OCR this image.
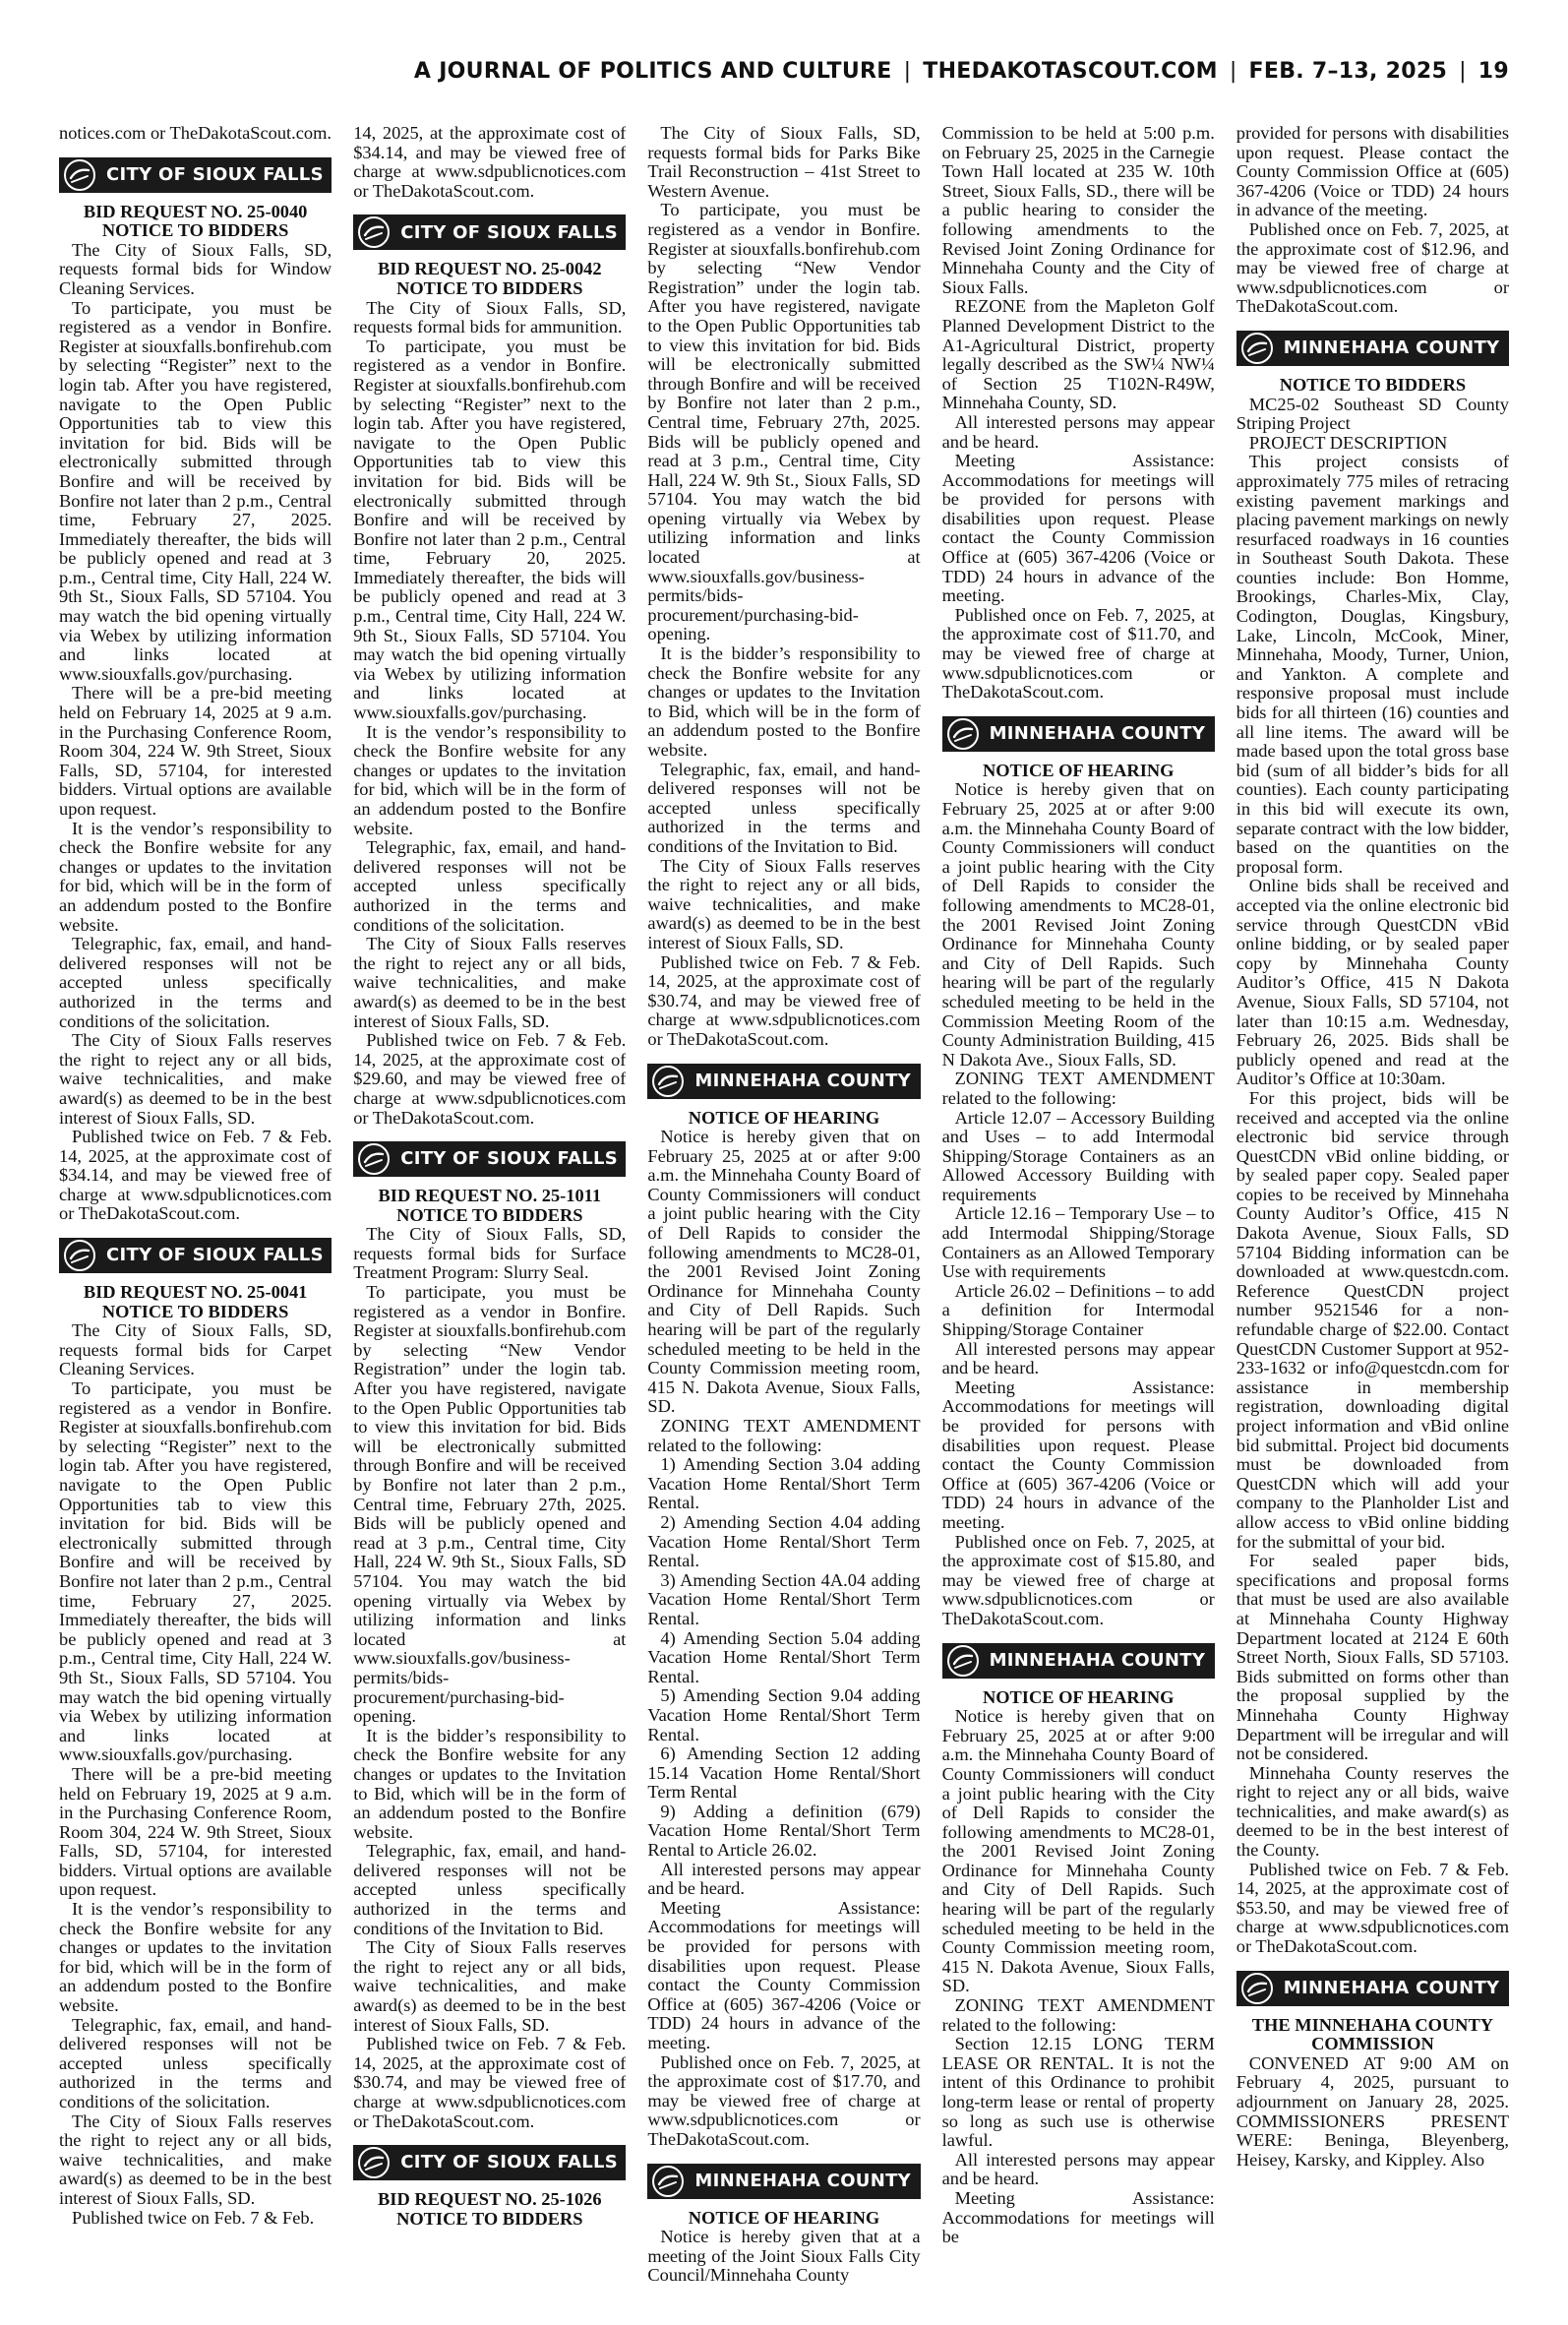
A JOURNAL OF POLITICS AND CULTURE | THEDAKOTASCOUT.COM | FEB. 7–13, 2025 | 19

notices.com or TheDakotaScout.com.

CITY OF SIOUX FALLS

BID REQUEST NO. 25-0040

NOTICE TO BIDDERS

The City of Sioux Falls, SD, requests formal bids for Window Cleaning Services.

To participate, you must be registered as a vendor in Bonfire. Register at siouxfalls.bonfirehub.com by selecting “Register” next to the login tab. After you have registered, navigate to the Open Public Opportunities tab to view this invitation for bid. Bids will be electronically submitted through Bonfire and will be received by Bonfire not later than 2 p.m., Central time, February 27, 2025. Immediately thereafter, the bids will be publicly opened and read at 3 p.m., Central time, City Hall, 224 W. 9th St., Sioux Falls, SD 57104. You may watch the bid opening virtually via Webex by utilizing information and links located at www.siouxfalls.gov/purchasing.

There will be a pre-bid meeting held on February 14, 2025 at 9 a.m. in the Purchasing Conference Room, Room 304, 224 W. 9th Street, Sioux Falls, SD, 57104, for interested bidders. Virtual options are available upon request.

It is the vendor’s responsibility to check the Bonfire website for any changes or updates to the invitation for bid, which will be in the form of an addendum posted to the Bonfire website.

Telegraphic, fax, email, and hand-delivered responses will not be accepted unless specifically authorized in the terms and conditions of the solicitation.

The City of Sioux Falls reserves the right to reject any or all bids, waive technicalities, and make award(s) as deemed to be in the best interest of Sioux Falls, SD.

Published twice on Feb. 7 & Feb. 14, 2025, at the approximate cost of $34.14, and may be viewed free of charge at www.sdpublicnotices.com or TheDakotaScout.com.

CITY OF SIOUX FALLS

BID REQUEST NO. 25-0041

NOTICE TO BIDDERS

The City of Sioux Falls, SD, requests formal bids for Carpet Cleaning Services.

To participate, you must be registered as a vendor in Bonfire. Register at siouxfalls.bonfirehub.com by selecting “Register” next to the login tab. After you have registered, navigate to the Open Public Opportunities tab to view this invitation for bid. Bids will be electronically submitted through Bonfire and will be received by Bonfire not later than 2 p.m., Central time, February 27, 2025. Immediately thereafter, the bids will be publicly opened and read at 3 p.m., Central time, City Hall, 224 W. 9th St., Sioux Falls, SD 57104. You may watch the bid opening virtually via Webex by utilizing information and links located at www.siouxfalls.gov/purchasing.

There will be a pre-bid meeting held on February 19, 2025 at 9 a.m. in the Purchasing Conference Room, Room 304, 224 W. 9th Street, Sioux Falls, SD, 57104, for interested bidders. Virtual options are available upon request.

It is the vendor’s responsibility to check the Bonfire website for any changes or updates to the invitation for bid, which will be in the form of an addendum posted to the Bonfire website.

Telegraphic, fax, email, and hand-delivered responses will not be accepted unless specifically authorized in the terms and conditions of the solicitation.

The City of Sioux Falls reserves the right to reject any or all bids, waive technicalities, and make award(s) as deemed to be in the best interest of Sioux Falls, SD.

Published twice on Feb. 7 & Feb.

14, 2025, at the approximate cost of $34.14, and may be viewed free of charge at www.sdpublicnotices.com or TheDakotaScout.com.

CITY OF SIOUX FALLS

BID REQUEST NO. 25-0042

NOTICE TO BIDDERS

The City of Sioux Falls, SD, requests formal bids for ammunition.

To participate, you must be registered as a vendor in Bonfire. Register at siouxfalls.bonfirehub.com by selecting “Register” next to the login tab. After you have registered, navigate to the Open Public Opportunities tab to view this invitation for bid. Bids will be electronically submitted through Bonfire and will be received by Bonfire not later than 2 p.m., Central time, February 20, 2025. Immediately thereafter, the bids will be publicly opened and read at 3 p.m., Central time, City Hall, 224 W. 9th St., Sioux Falls, SD 57104. You may watch the bid opening virtually via Webex by utilizing information and links located at www.siouxfalls.gov/purchasing.

It is the vendor’s responsibility to check the Bonfire website for any changes or updates to the invitation for bid, which will be in the form of an addendum posted to the Bonfire website.

Telegraphic, fax, email, and hand-delivered responses will not be accepted unless specifically authorized in the terms and conditions of the solicitation.

The City of Sioux Falls reserves the right to reject any or all bids, waive technicalities, and make award(s) as deemed to be in the best interest of Sioux Falls, SD.

Published twice on Feb. 7 & Feb. 14, 2025, at the approximate cost of $29.60, and may be viewed free of charge at www.sdpublicnotices.com or TheDakotaScout.com.

CITY OF SIOUX FALLS

BID REQUEST NO. 25-1011

NOTICE TO BIDDERS

The City of Sioux Falls, SD, requests formal bids for Surface Treatment Program: Slurry Seal.

To participate, you must be registered as a vendor in Bonfire. Register at siouxfalls.bonfirehub.com by selecting “New Vendor Registration” under the login tab. After you have registered, navigate to the Open Public Opportunities tab to view this invitation for bid. Bids will be electronically submitted through Bonfire and will be received by Bonfire not later than 2 p.m., Central time, February 27th, 2025. Bids will be publicly opened and read at 3 p.m., Central time, City Hall, 224 W. 9th St., Sioux Falls, SD 57104. You may watch the bid opening virtually via Webex by utilizing information and links located at www.siouxfalls.gov/business-permits/bids-procurement/purchasing-bid-opening.

It is the bidder’s responsibility to check the Bonfire website for any changes or updates to the Invitation to Bid, which will be in the form of an addendum posted to the Bonfire website.

Telegraphic, fax, email, and hand-delivered responses will not be accepted unless specifically authorized in the terms and conditions of the Invitation to Bid.

The City of Sioux Falls reserves the right to reject any or all bids, waive technicalities, and make award(s) as deemed to be in the best interest of Sioux Falls, SD.

Published twice on Feb. 7 & Feb. 14, 2025, at the approximate cost of $30.74, and may be viewed free of charge at www.sdpublicnotices.com or TheDakotaScout.com.

CITY OF SIOUX FALLS

BID REQUEST NO. 25-1026

NOTICE TO BIDDERS

The City of Sioux Falls, SD, requests formal bids for Parks Bike Trail Reconstruction – 41st Street to Western Avenue.

To participate, you must be registered as a vendor in Bonfire. Register at siouxfalls.bonfirehub.com by selecting “New Vendor Registration” under the login tab. After you have registered, navigate to the Open Public Opportunities tab to view this invitation for bid. Bids will be electronically submitted through Bonfire and will be received by Bonfire not later than 2 p.m., Central time, February 27th, 2025. Bids will be publicly opened and read at 3 p.m., Central time, City Hall, 224 W. 9th St., Sioux Falls, SD 57104. You may watch the bid opening virtually via Webex by utilizing information and links located at www.siouxfalls.gov/business-permits/bids-procurement/purchasing-bid-opening.

It is the bidder’s responsibility to check the Bonfire website for any changes or updates to the Invitation to Bid, which will be in the form of an addendum posted to the Bonfire website.

Telegraphic, fax, email, and hand-delivered responses will not be accepted unless specifically authorized in the terms and conditions of the Invitation to Bid.

The City of Sioux Falls reserves the right to reject any or all bids, waive technicalities, and make award(s) as deemed to be in the best interest of Sioux Falls, SD.

Published twice on Feb. 7 & Feb. 14, 2025, at the approximate cost of $30.74, and may be viewed free of charge at www.sdpublicnotices.com or TheDakotaScout.com.

MINNEHAHA COUNTY

NOTICE OF HEARING

Notice is hereby given that on February 25, 2025 at or after 9:00 a.m. the Minnehaha County Board of County Commissioners will conduct a joint public hearing with the City of Dell Rapids to consider the following amendments to MC28-01, the 2001 Revised Joint Zoning Ordinance for Minnehaha County and City of Dell Rapids. Such hearing will be part of the regularly scheduled meeting to be held in the County Commission meeting room, 415 N. Dakota Avenue, Sioux Falls, SD.

ZONING TEXT AMENDMENT related to the following:

1) Amending Section 3.04 adding Vacation Home Rental/Short Term Rental.

2) Amending Section 4.04 adding Vacation Home Rental/Short Term Rental.

3) Amending Section 4A.04 adding Vacation Home Rental/Short Term Rental.

4) Amending Section 5.04 adding Vacation Home Rental/Short Term Rental.

5) Amending Section 9.04 adding Vacation Home Rental/Short Term Rental.

6) Amending Section 12 adding 15.14 Vacation Home Rental/Short Term Rental

9) Adding a definition (679) Vacation Home Rental/Short Term Rental to Article 26.02.

All interested persons may appear and be heard.

Meeting Assistance: Accommodations for meetings will be provided for persons with disabilities upon request. Please contact the County Commission Office at (605) 367-4206 (Voice or TDD) 24 hours in advance of the meeting.

Published once on Feb. 7, 2025, at the approximate cost of $17.70, and may be viewed free of charge at www.sdpublicnotices.com or TheDakotaScout.com.

MINNEHAHA COUNTY

NOTICE OF HEARING

Notice is hereby given that at a meeting of the Joint Sioux Falls City Council/Minnehaha County

Commission to be held at 5:00 p.m. on February 25, 2025 in the Carnegie Town Hall located at 235 W. 10th Street, Sioux Falls, SD., there will be a public hearing to consider the following amendments to the Revised Joint Zoning Ordinance for Minnehaha County and the City of Sioux Falls.

REZONE from the Mapleton Golf Planned Development District to the A1-Agricultural District, property legally described as the SW¼ NW¼ of Section 25 T102N-R49W, Minnehaha County, SD.

All interested persons may appear and be heard.

Meeting Assistance: Accommodations for meetings will be provided for persons with disabilities upon request. Please contact the County Commission Office at (605) 367-4206 (Voice or TDD) 24 hours in advance of the meeting.

Published once on Feb. 7, 2025, at the approximate cost of $11.70, and may be viewed free of charge at www.sdpublicnotices.com or TheDakotaScout.com.

MINNEHAHA COUNTY

NOTICE OF HEARING

Notice is hereby given that on February 25, 2025 at or after 9:00 a.m. the Minnehaha County Board of County Commissioners will conduct a joint public hearing with the City of Dell Rapids to consider the following amendments to MC28-01, the 2001 Revised Joint Zoning Ordinance for Minnehaha County and City of Dell Rapids. Such hearing will be part of the regularly scheduled meeting to be held in the Commission Meeting Room of the County Administration Building, 415 N Dakota Ave., Sioux Falls, SD.

ZONING TEXT AMENDMENT related to the following:

Article 12.07 – Accessory Building and Uses – to add Intermodal Shipping/Storage Containers as an Allowed Accessory Building with requirements

Article 12.16 – Temporary Use – to add Intermodal Shipping/Storage Containers as an Allowed Temporary Use with requirements

Article 26.02 – Definitions – to add a definition for Intermodal Shipping/Storage Container

All interested persons may appear and be heard.

Meeting Assistance: Accommodations for meetings will be provided for persons with disabilities upon request. Please contact the County Commission Office at (605) 367-4206 (Voice or TDD) 24 hours in advance of the meeting.

Published once on Feb. 7, 2025, at the approximate cost of $15.80, and may be viewed free of charge at www.sdpublicnotices.com or TheDakotaScout.com.

MINNEHAHA COUNTY

NOTICE OF HEARING

Notice is hereby given that on February 25, 2025 at or after 9:00 a.m. the Minnehaha County Board of County Commissioners will conduct a joint public hearing with the City of Dell Rapids to consider the following amendments to MC28-01, the 2001 Revised Joint Zoning Ordinance for Minnehaha County and City of Dell Rapids. Such hearing will be part of the regularly scheduled meeting to be held in the County Commission meeting room, 415 N. Dakota Avenue, Sioux Falls, SD.

ZONING TEXT AMENDMENT related to the following:

Section 12.15 LONG TERM LEASE OR RENTAL. It is not the intent of this Ordinance to prohibit long-term lease or rental of property so long as such use is otherwise lawful.

All interested persons may appear and be heard.

Meeting Assistance: Accommodations for meetings will be

provided for persons with disabilities upon request. Please contact the County Commission Office at (605) 367-4206 (Voice or TDD) 24 hours in advance of the meeting.

Published once on Feb. 7, 2025, at the approximate cost of $12.96, and may be viewed free of charge at www.sdpublicnotices.com or TheDakotaScout.com.

MINNEHAHA COUNTY

NOTICE TO BIDDERS

MC25-02 Southeast SD County Striping Project

PROJECT DESCRIPTION

This project consists of approximately 775 miles of retracing existing pavement markings and placing pavement markings on newly resurfaced roadways in 16 counties in Southeast South Dakota. These counties include: Bon Homme, Brookings, Charles-Mix, Clay, Codington, Douglas, Kingsbury, Lake, Lincoln, McCook, Miner, Minnehaha, Moody, Turner, Union, and Yankton. A complete and responsive proposal must include bids for all thirteen (16) counties and all line items. The award will be made based upon the total gross base bid (sum of all bidder’s bids for all counties). Each county participating in this bid will execute its own, separate contract with the low bidder, based on the quantities on the proposal form.

Online bids shall be received and accepted via the online electronic bid service through QuestCDN vBid online bidding, or by sealed paper copy by Minnehaha County Auditor’s Office, 415 N Dakota Avenue, Sioux Falls, SD 57104, not later than 10:15 a.m. Wednesday, February 26, 2025. Bids shall be publicly opened and read at the Auditor’s Office at 10:30am.

For this project, bids will be received and accepted via the online electronic bid service through QuestCDN vBid online bidding, or by sealed paper copy. Sealed paper copies to be received by Minnehaha County Auditor’s Office, 415 N Dakota Avenue, Sioux Falls, SD 57104 Bidding information can be downloaded at www.questcdn.com. Reference QuestCDN project number 9521546 for a non-refundable charge of $22.00. Contact QuestCDN Customer Support at 952-233-1632 or info@questcdn.com for assistance in membership registration, downloading digital project information and vBid online bid submittal. Project bid documents must be downloaded from QuestCDN which will add your company to the Planholder List and allow access to vBid online bidding for the submittal of your bid.

For sealed paper bids, specifications and proposal forms that must be used are also available at Minnehaha County Highway Department located at 2124 E 60th Street North, Sioux Falls, SD 57103. Bids submitted on forms other than the proposal supplied by the Minnehaha County Highway Department will be irregular and will not be considered.

Minnehaha County reserves the right to reject any or all bids, waive technicalities, and make award(s) as deemed to be in the best interest of the County.

Published twice on Feb. 7 & Feb. 14, 2025, at the approximate cost of $53.50, and may be viewed free of charge at www.sdpublicnotices.com or TheDakotaScout.com.

MINNEHAHA COUNTY

THE MINNEHAHA COUNTY COMMISSION

CONVENED AT 9:00 AM on February 4, 2025, pursuant to adjournment on January 28, 2025. COMMISSIONERS PRESENT WERE: Beninga, Bleyenberg, Heisey, Karsky, and Kippley. Also
